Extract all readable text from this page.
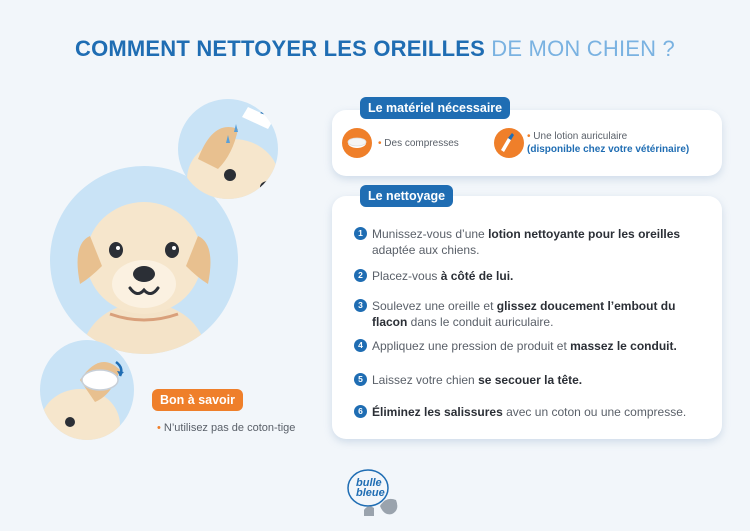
COMMENT NETTOYER LES OREILLES DE MON CHIEN ?
Le matériel nécessaire
• Des compresses
• Une lotion auriculaire
(disponible chez votre vétérinaire)
Le nettoyage
1 Munissez-vous d’une lotion nettoyante pour les oreilles adaptée aux chiens.
2 Placez-vous à côté de lui.
3 Soulevez une oreille et glissez doucement l’embout du flacon dans le conduit auriculaire.
4 Appliquez une pression de produit et massez le conduit.
5 Laissez votre chien se secouer la tête.
6 Éliminez les salissures avec un coton ou une compresse.
Bon à savoir
• N’utilisez pas de coton-tige
bulle
bleue
